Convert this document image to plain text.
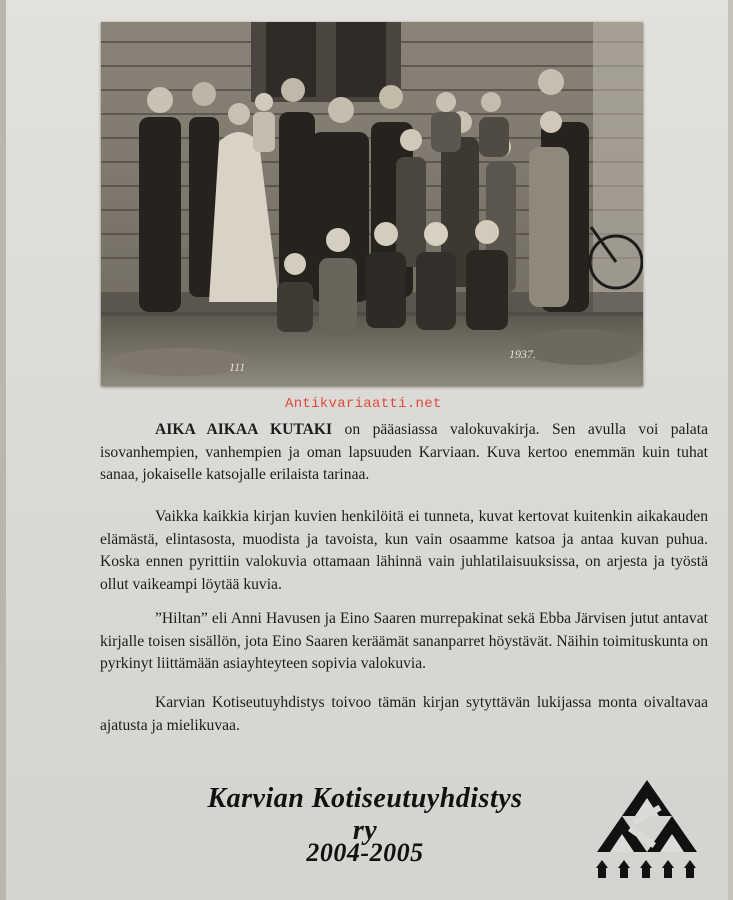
111
1937.
Antikvariaatti.net

AIKA AIKAA KUTAKI on pääasiassa valokuvakirja. Sen avulla voi palata isovanhempien, vanhempien ja oman lapsuuden Karviaan. Kuva kertoo enemmän kuin tuhat sanaa, jokaiselle katsojalle erilaista tarinaa.

Vaikka kaikkia kirjan kuvien henkilöitä ei tunneta, kuvat kertovat kuitenkin aikakauden elämästä, elintasosta, muodista ja tavoista, kun vain osaamme katsoa ja antaa kuvan puhua. Koska ennen pyrittiin valokuvia ottamaan lähinnä vain juhlatilaisuuksissa, on arjesta ja työstä ollut vaikeampi löytää kuvia.

”Hiltan” eli Anni Havusen ja Eino Saaren murrepakinat sekä Ebba Järvisen jutut antavat kirjalle toisen sisällön, jota Eino Saaren keräämät sananparret höystävät. Näihin toimituskunta on pyrkinyt liittämään asiayhteyteen sopivia valokuvia.

Karvian Kotiseutuyhdistys toivoo tämän kirjan sytyttävän lukijassa monta oivaltavaa ajatusta ja mielikuvaa.

Karvian Kotiseutuyhdistys ry
2004-2005
